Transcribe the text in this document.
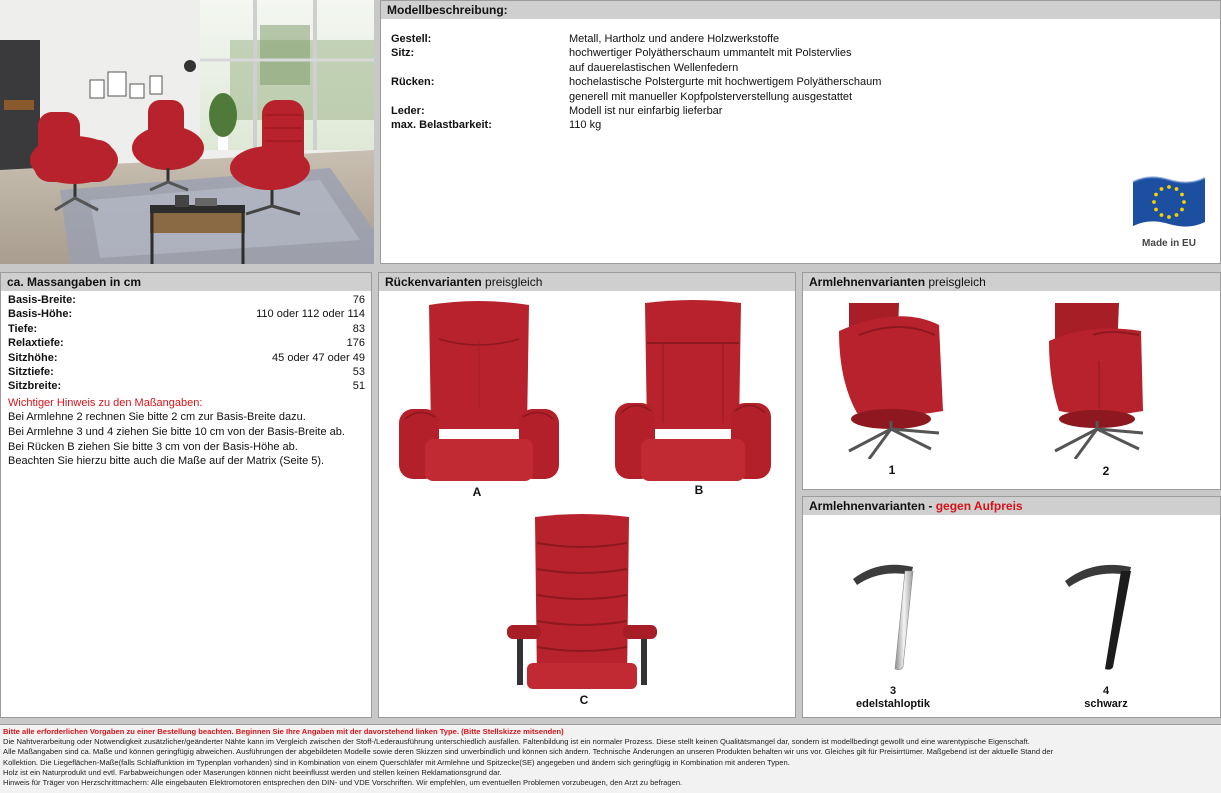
Modellbeschreibung:
Gestell:	Metall, Hartholz und andere Holzwerkstoffe
Sitz:	hochwertiger Polyätherschaum ummantelt mit Polstervlies
auf dauerelastischen Wellenfedern
Rücken:	hochelastische Polstergurte mit hochwertigem Polyätherschaum
generell mit manueller Kopfpolsterverstellung ausgestattet
Leder:	Modell ist nur einfarbig lieferbar
max. Belastbarkeit:	110 kg
Made in EU
ca. Massangaben in cm
Basis-Breite:	76
Basis-Höhe:	110 oder 112 oder 114
Tiefe:	83
Relaxtiefe:	176
Sitzhöhe:	45 oder 47 oder 49
Sitztiefe:	53
Sitzbreite:	51
Wichtiger Hinweis zu den Maßangaben:
Bei Armlehne 2 rechnen Sie bitte 2 cm zur Basis-Breite dazu.
Bei Armlehne 3 und 4 ziehen Sie bitte 10 cm von der Basis-Breite ab.
Bei Rücken B ziehen Sie bitte 3 cm von der Basis-Höhe ab.
Beachten Sie hierzu bitte auch die Maße auf der Matrix (Seite 5).
Rückenvarianten preisgleich
A	B
C
Armlehnenvarianten preisgleich
1	2
Armlehnenvarianten - gegen Aufpreis
3
edelstahloptik
4
schwarz
Bitte alle erforderlichen Vorgaben zu einer Bestellung beachten. Beginnen Sie Ihre Angaben mit der davorstehend linken Type. (Bitte Stellskizze mitsenden)
Die Nahtverarbeitung oder Notwendigkeit zusätzlicher/geänderter Nähte kann im Vergleich zwischen der Stoff-/Lederausführung unterschiedlich ausfallen. Faltenbildung ist ein normaler Prozess. Diese stellt keinen Qualitätsmangel dar, sondern ist modellbedingt gewollt und eine warentypische Eigenschaft.
Alle Maßangaben sind ca. Maße und können geringfügig abweichen. Ausführungen der abgebildeten Modelle sowie deren Skizzen sind unverbindlich und können sich ändern. Technische Änderungen an unseren Produkten behalten wir uns vor. Gleiches gilt für Preisirrtümer. Maßgebend ist der aktuelle Stand der
Kollektion. Die Liegeflächen-Maße(falls Schlaffunktion im Typenplan vorhanden) sind in Kombination von einem Querschläfer mit Armlehne und Spitzecke(SE) angegeben und ändern sich geringfügig in Kombination mit anderen Typen.
Holz ist ein Naturprodukt und evtl. Farbabweichungen oder Maserungen können nicht beeinflusst werden und stellen keinen Reklamationsgrund dar.
Hinweis für Träger von Herzschrittmachern: Alle eingebauten Elektromotoren entsprechen den DIN- und VDE Vorschriften. Wir empfehlen, um eventuellen Problemen vorzubeugen, den Arzt zu befragen.
